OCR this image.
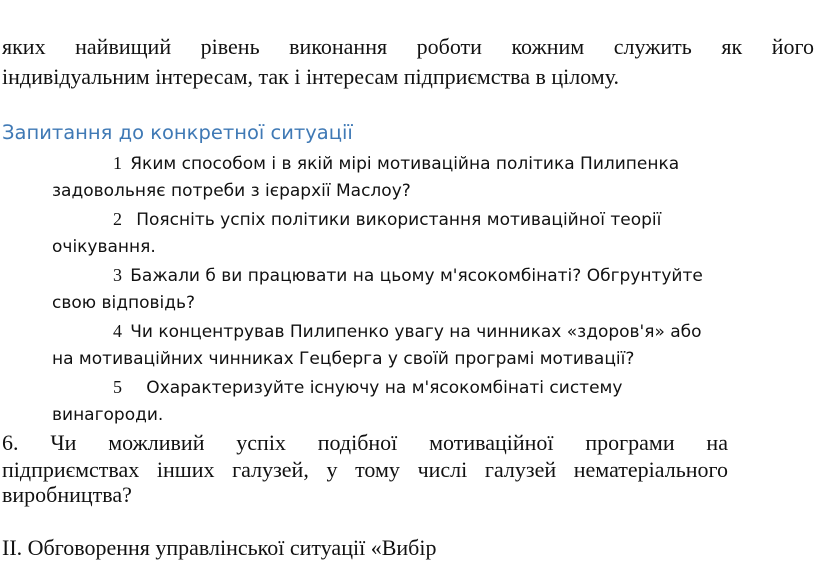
яких найвищий рівень виконання роботи кожним служить як його
індивідуальним інтересам, так і інтересам підприємства в цілому.
Запитання до конкретної ситуації
1 Яким способом і в якій мірі мотиваційна політика Пилипенка
задовольняє потреби з ієрархії Маслоу?
2 Поясніть успіх політики використання мотиваційної теорії
очікування.
3 Бажали б ви працювати на цьому м'ясокомбінаті? Обгрунтуйте
свою відповідь?
4 Чи концентрував Пилипенко увагу на чинниках «здоров'я» або
на мотиваційних чинниках Гецберга у своїй програмі мотивації?
5 Охарактеризуйте існуючу на м'ясокомбінаті систему
винагороди.
6. Чи можливий успіх подібної мотиваційної програми на
підприємствах інших галузей, у тому числі галузей нематеріального
виробництва?
ІІ. Обговорення управлінської ситуації «Вибір
